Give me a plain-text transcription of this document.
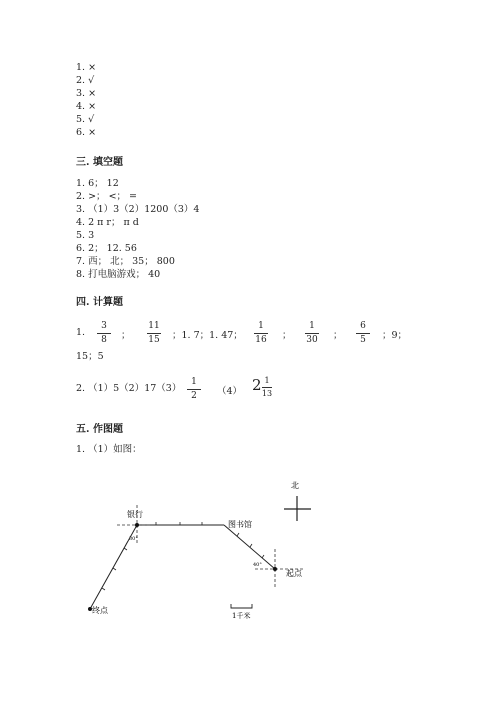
1. ×
2. √
3. ×
4. ×
5. √
6. ×
三. 填空题
1. 6； 12
2. >； <； =
3. （1）3（2）1200（3）4
4. 2 π r； π d
5. 3
6. 2； 12. 56
7. 西； 北； 35； 800
8. 打电脑游戏； 40
四. 计算题
1.
3
8	；
11
15	；1. 7；1. 47；
1
16	；
1
30	；
6
5	；9；
15；5
2. （1）5（2）17（3）
1
2	（4） 2 1
13
五. 作图题
1. （1）如图：
北
30°
40°
银行
图书馆
起点
终点
1千米
